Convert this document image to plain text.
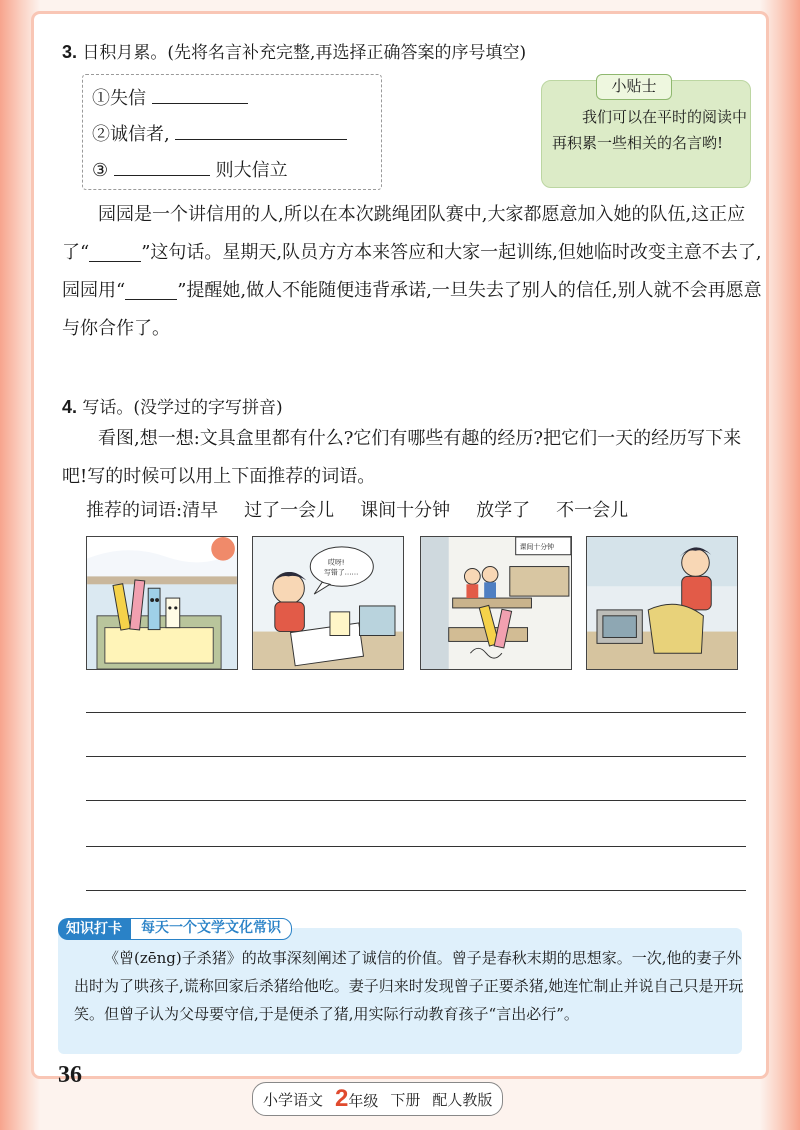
3. 日积月累。(先将名言补充完整,再选择正确答案的序号填空)
①失信
②诚信者,
③	则大信立
小贴士
我们可以在平时的阅读中再积累一些相关的名言哟!
园园是一个讲信用的人,所以在本次跳绳团队赛中,大家都愿意加入她的队伍,这正应了“	”这句话。星期天,队员方方本来答应和大家一起训练,但她临时改变主意不去了,园园用“	”提醒她,做人不能随便违背承诺,一旦失去了别人的信任,别人就不会再愿意与你合作了。
4. 写话。(没学过的字写拼音)
看图,想一想:文具盒里都有什么?它们有哪些有趣的经历?把它们一天的经历写下来吧!写的时候可以用上下面推荐的词语。
推荐的词语:清早 过了一会儿 课间十分钟 放学了 不一会儿
哎呀!
写错了……
课间十分钟
知识打卡	每天一个文学文化常识
《曾(zēng)子杀猪》的故事深刻阐述了诚信的价值。曾子是春秋末期的思想家。一次,他的妻子外出时为了哄孩子,谎称回家后杀猪给他吃。妻子归来时发现曾子正要杀猪,她连忙制止并说自己只是开玩笑。但曾子认为父母要守信,于是便杀了猪,用实际行动教育孩子“言出必行”。
36
小学语文 2年级 下册 配人教版
